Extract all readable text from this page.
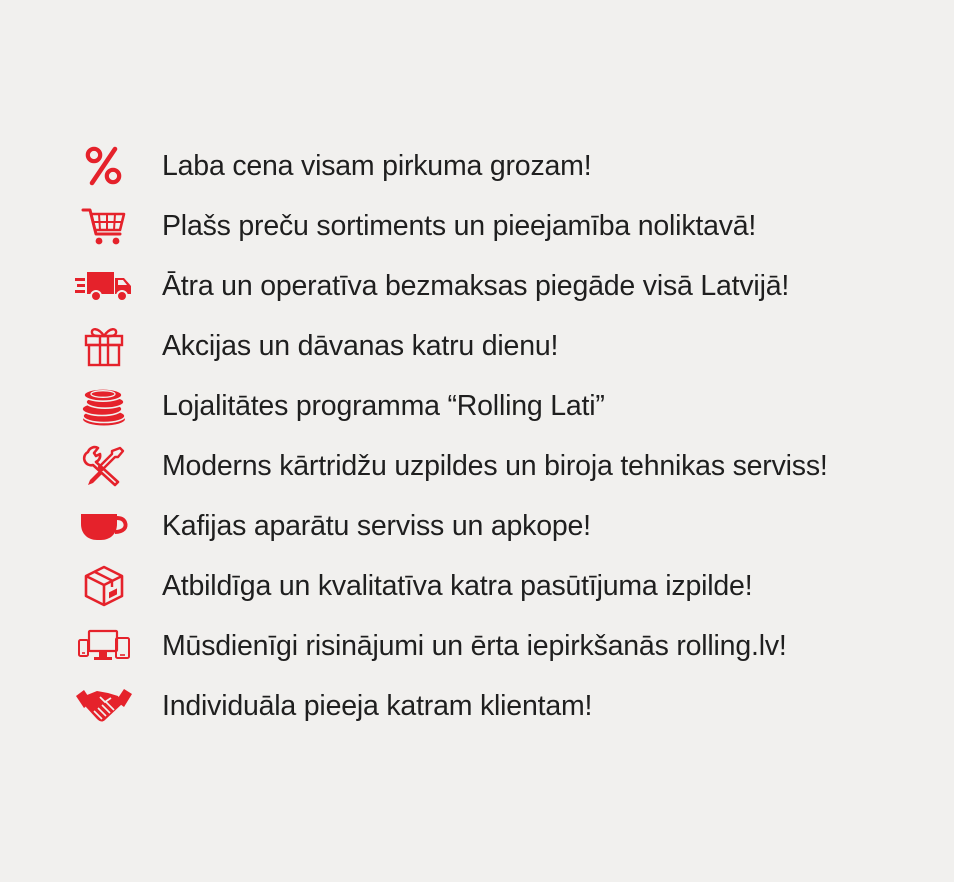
Laba cena visam pirkuma grozam!
Plašs preču sortiments un pieejamība noliktavā!
Ātra un operatīva bezmaksas piegāde visā Latvijā!
Akcijas un dāvanas katru dienu!
Lojalitātes programma “Rolling Lati”
Moderns kārtridžu uzpildes un biroja tehnikas serviss!
Kafijas aparātu serviss un apkope!
Atbildīga un kvalitatīva katra pasūtījuma izpilde!
Mūsdienīgi risinājumi un ērta iepirkšanās rolling.lv!
Individuāla pieeja katram klientam!
